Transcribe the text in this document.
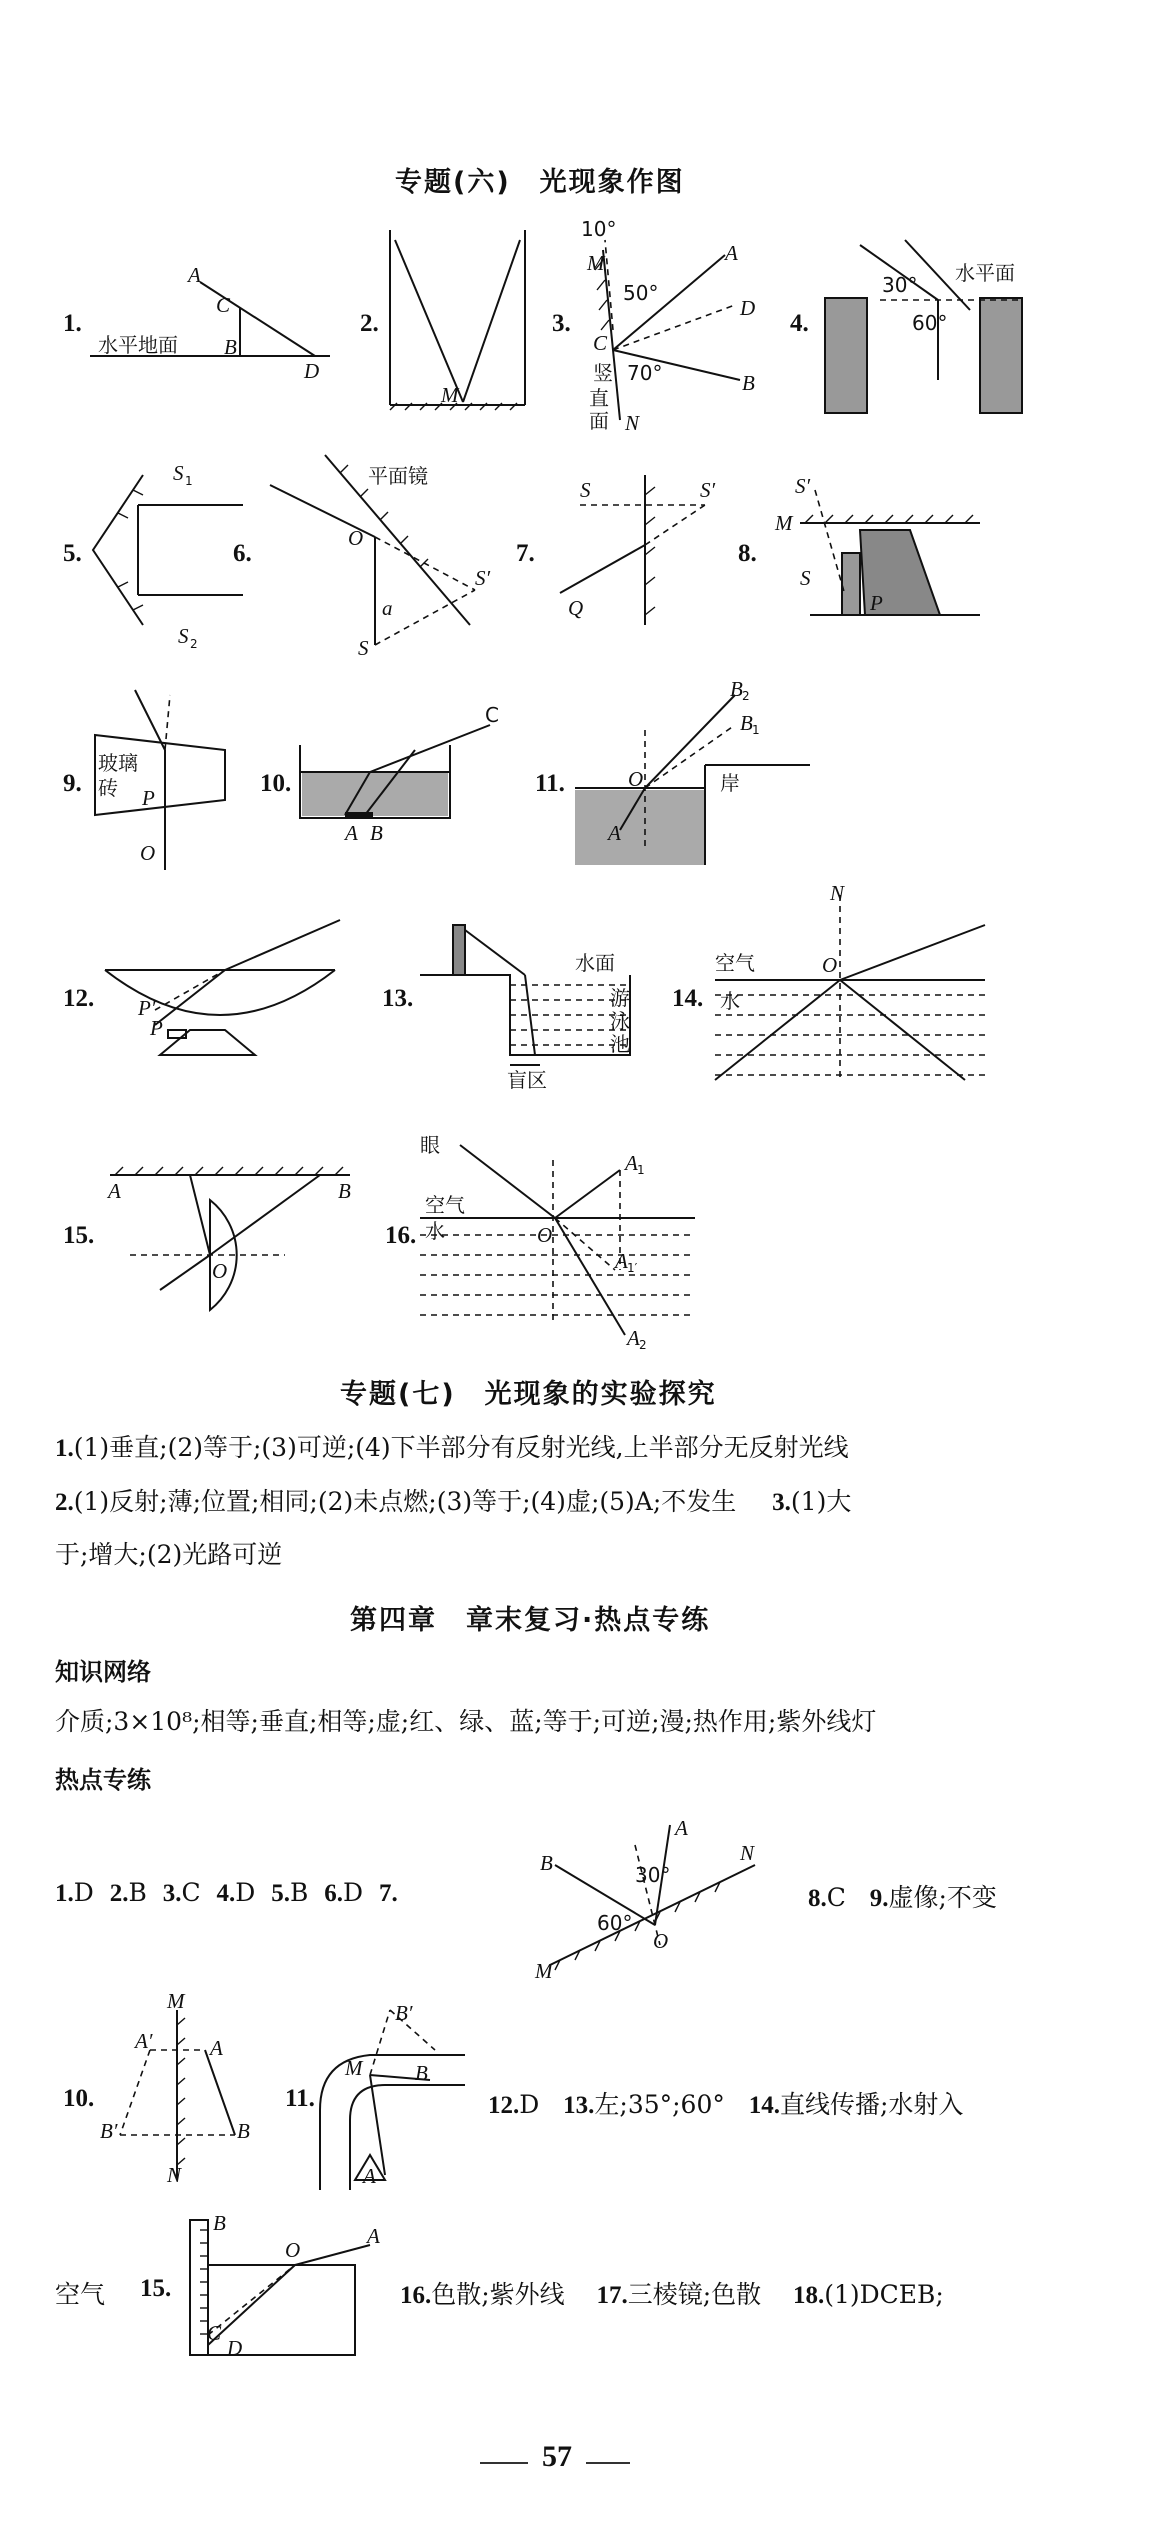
专题(六)　光现象作图
1.	2.	3.	4.
A
C
B
D
水平地面
M
10°
M
50°
70°
A
D
B
C
竖
直
面 N
30°
60°
水平面
5.	6.	7.	8.
S 1
S 2
平面镜
O
S′
S
a
S	S′
Q
S′
M
S
P
9.	10.	11.
玻璃
砖 P
O
A B
C
B 2
B 1
O
A
岸
12.	13.	14.
P′
P
水面
游
泳
池
盲区
N
O
空气
水
15.	16.
A	B
O
眼
空气
水	O
A 1
A 1′
A 2
专题(七)　光现象的实验探究
1.(1)垂直;(2)等于;(3)可逆;(4)下半部分有反射光线,上半部分无反射光线
2.(1)反射;薄;位置;相同;(2)未点燃;(3)等于;(4)虚;(5)A;不发生 3.(1)大
于;增大;(2)光路可逆
第四章　章末复习·热点专练
知识网络
介质;3×10⁸;相等;垂直;相等;虚;红、绿、蓝;等于;可逆;漫;热作用;紫外线灯
热点专练
1.D 2.B 3.C 4.D 5.B 6.D 7.
B
A
N
M
O
30°
60°
8.C 9.虚像;不变
10.
M
A′	A
B′	B
N
11.
B′
M	B
A
12.D 13.左;35°;60° 14.直线传播;水射入
空气 15.
B
O
A
C
D
16.色散;紫外线 17.三棱镜;色散 18.(1)DCEB;
57
